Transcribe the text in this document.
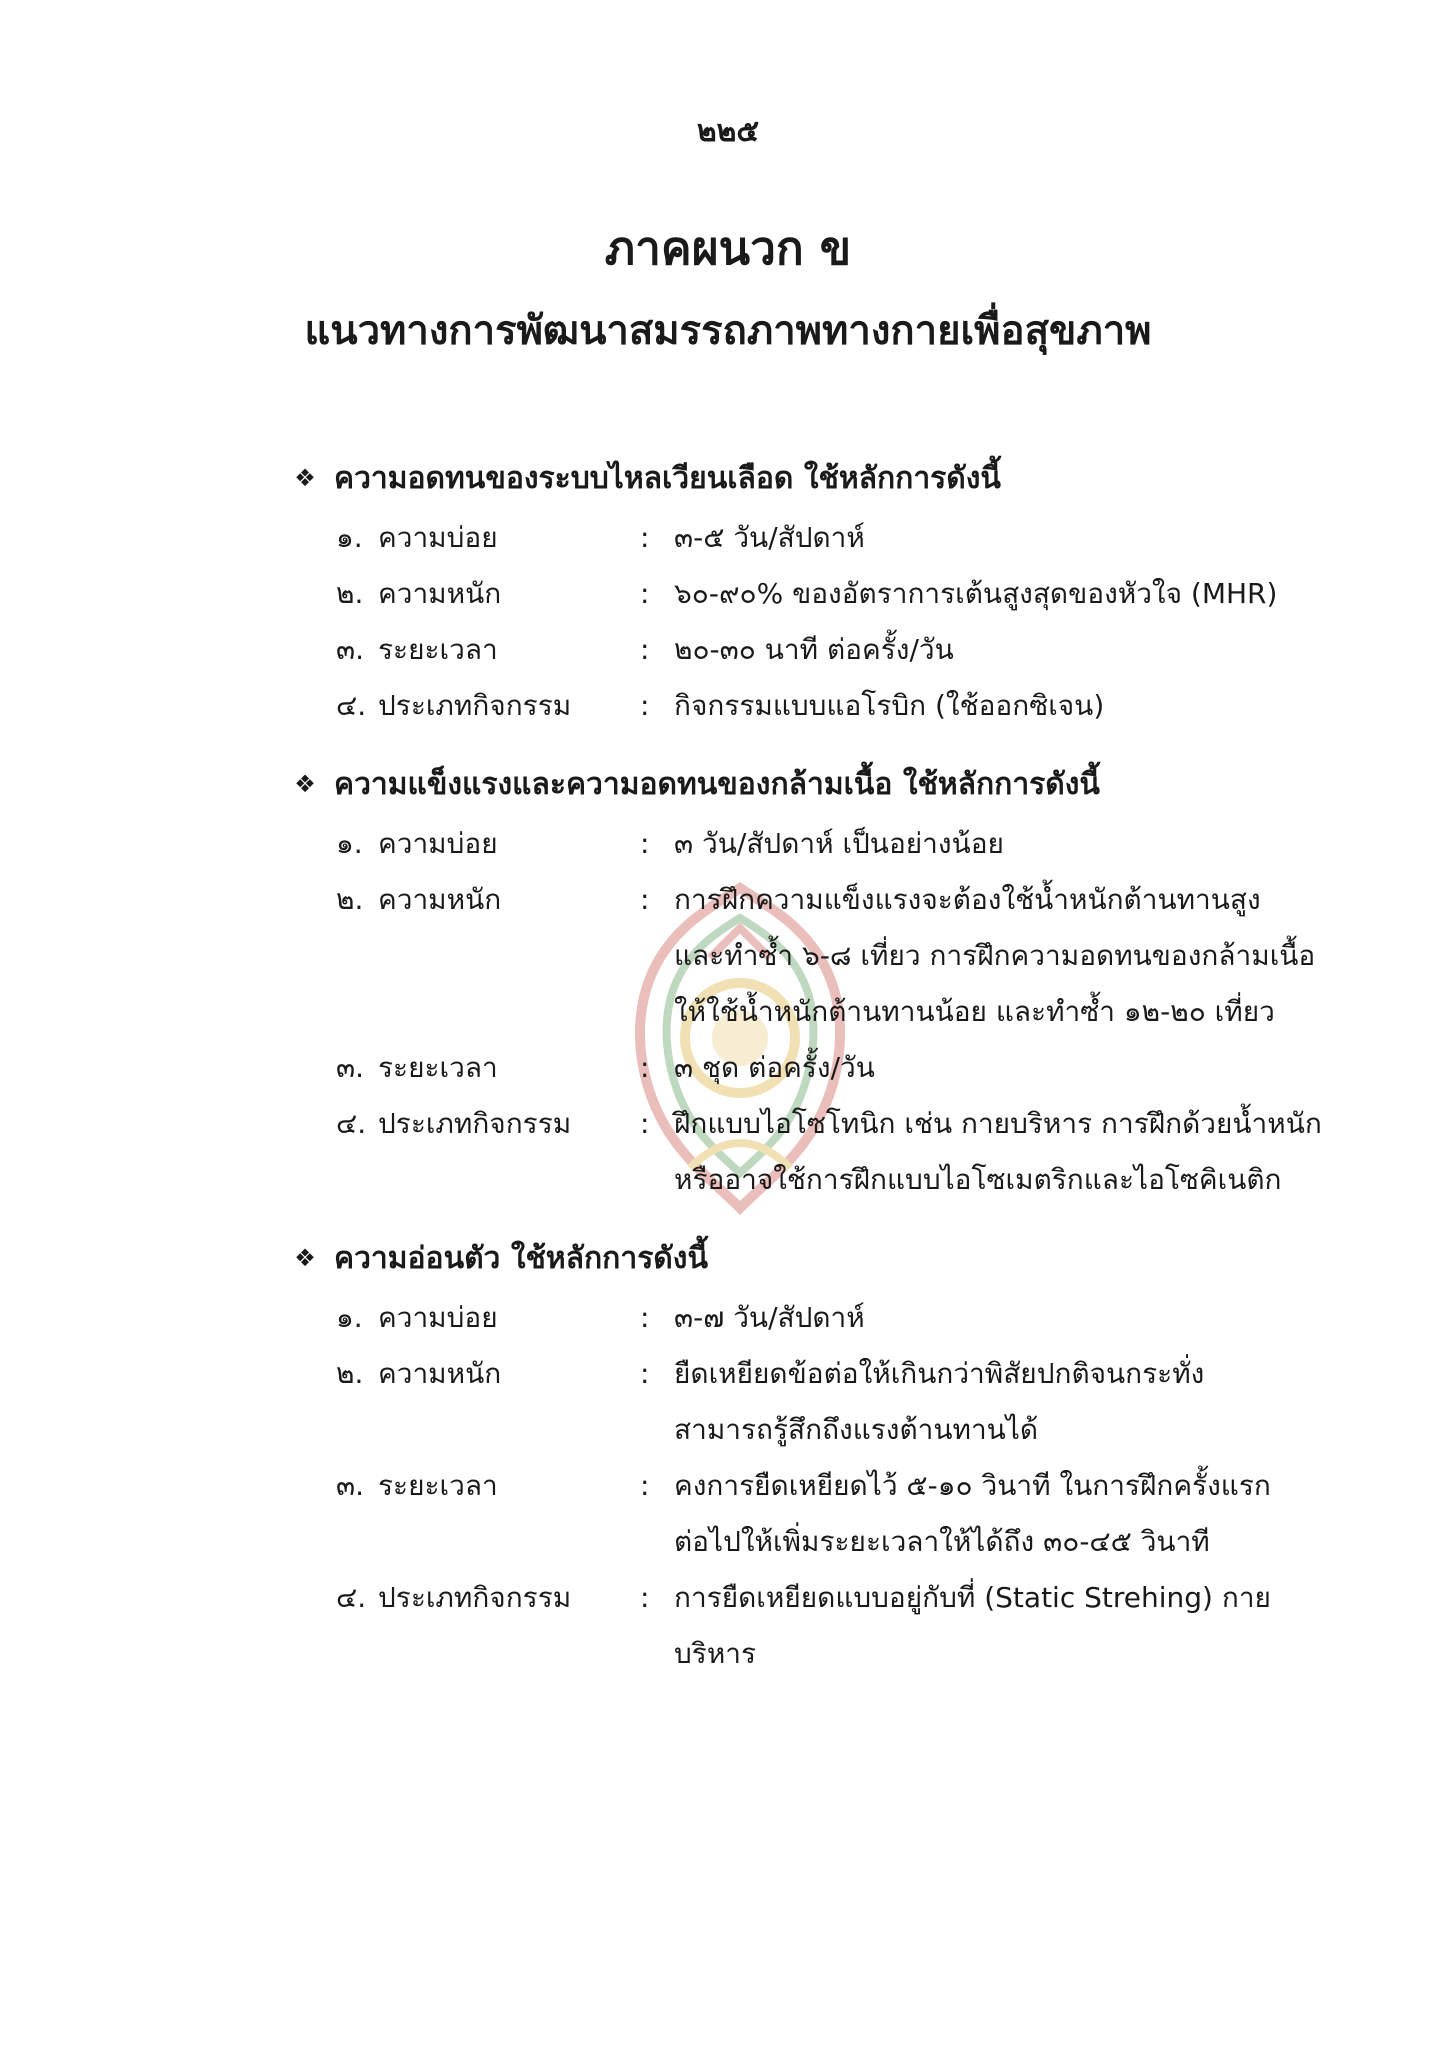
๒๒๕
ภาคผนวก ข
แนวทางการพัฒนาสมรรถภาพทางกายเพื่อสุขภาพ
❖ ความอดทนของระบบไหลเวียนเลือด ใช้หลักการดังนี้
๑. ความบ่อย	: ๓-๕ วัน/สัปดาห์
๒. ความหนัก	: ๖๐-๙๐% ของอัตราการเต้นสูงสุดของหัวใจ (MHR)
๓. ระยะเวลา	: ๒๐-๓๐ นาที ต่อครั้ง/วัน
๔. ประเภทกิจกรรม	: กิจกรรมแบบแอโรบิก (ใช้ออกซิเจน)
❖ ความแข็งแรงและความอดทนของกล้ามเนื้อ ใช้หลักการดังนี้
๑. ความบ่อย	: ๓ วัน/สัปดาห์ เป็นอย่างน้อย
๒. ความหนัก	: การฝึกความแข็งแรงจะต้องใช้น้ำหนักต้านทานสูง
และทำซ้ำ ๖-๘ เที่ยว การฝึกความอดทนของกล้ามเนื้อ
ให้ใช้น้ำหนักต้านทานน้อย และทำซ้ำ ๑๒-๒๐ เที่ยว
๓. ระยะเวลา	: ๓ ชุด ต่อครั้ง/วัน
๔. ประเภทกิจกรรม	: ฝึกแบบไอโซโทนิก เช่น กายบริหาร การฝึกด้วยน้ำหนัก
หรืออาจใช้การฝึกแบบไอโซเมตริกและไอโซคิเนติก
❖ ความอ่อนตัว ใช้หลักการดังนี้
๑. ความบ่อย	: ๓-๗ วัน/สัปดาห์
๒. ความหนัก	: ยืดเหยียดข้อต่อให้เกินกว่าพิสัยปกติจนกระทั่ง
สามารถรู้สึกถึงแรงต้านทานได้
๓. ระยะเวลา	: คงการยืดเหยียดไว้ ๕-๑๐ วินาที ในการฝึกครั้งแรก
ต่อไปให้เพิ่มระยะเวลาให้ได้ถึง ๓๐-๔๕ วินาที
๔. ประเภทกิจกรรม	: การยืดเหยียดแบบอยู่กับที่ (Static Strehing) กายบริหาร
